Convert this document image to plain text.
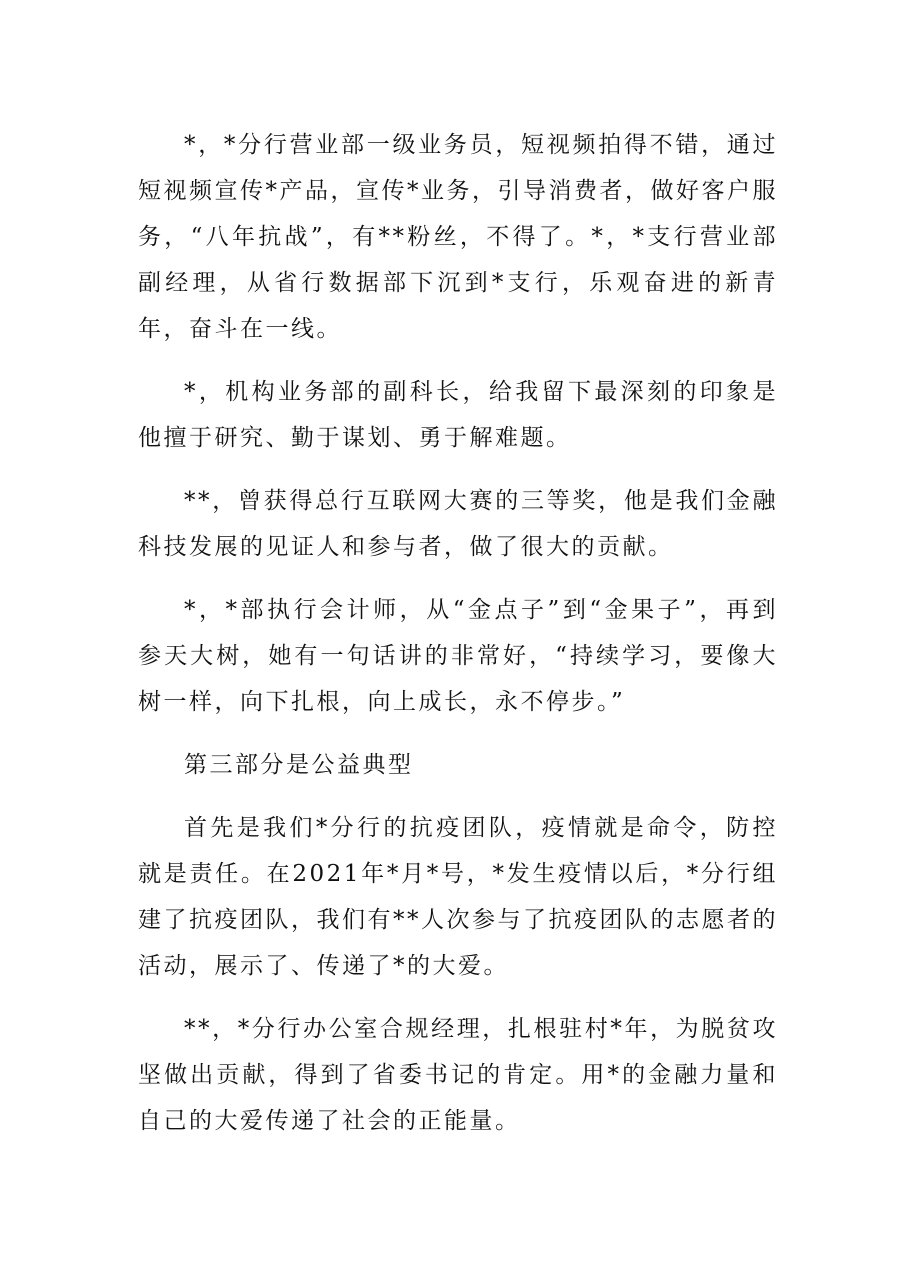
*，*分行营业部一级业务员，短视频拍得不错，通过短视频宣传*产品，宣传*业务，引导消费者，做好客户服务，“八年抗战”，有**粉丝，不得了。*，*支行营业部副经理，从省行数据部下沉到*支行，乐观奋进的新青年，奋斗在一线。

*，机构业务部的副科长，给我留下最深刻的印象是他擅于研究、勤于谋划、勇于解难题。

**，曾获得总行互联网大赛的三等奖，他是我们金融科技发展的见证人和参与者，做了很大的贡献。

*，*部执行会计师，从“金点子”到“金果子”，再到参天大树，她有一句话讲的非常好，“持续学习，要像大树一样，向下扎根，向上成长，永不停步。”

第三部分是公益典型

首先是我们*分行的抗疫团队，疫情就是命令，防控就是责任。在2021年*月*号，*发生疫情以后，*分行组建了抗疫团队，我们有**人次参与了抗疫团队的志愿者的活动，展示了、传递了*的大爱。

**，*分行办公室合规经理，扎根驻村*年，为脱贫攻坚做出贡献，得到了省委书记的肯定。用*的金融力量和自己的大爱传递了社会的正能量。
